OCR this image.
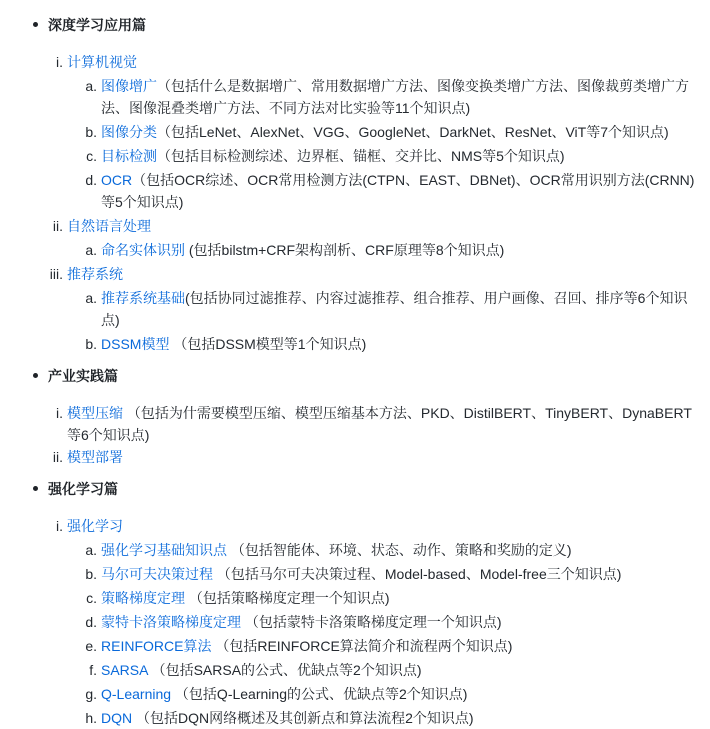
深度学习应用篇
i. 计算机视觉
a. 图像增广（包括什么是数据增广、常用数据增广方法、图像变换类增广方法、图像裁剪类增广方法、图像混叠类增广方法、不同方法对比实验等11个知识点)
b. 图像分类（包括LeNet、AlexNet、VGG、GoogleNet、DarkNet、ResNet、ViT等7个知识点)
c. 目标检测（包括目标检测综述、边界框、锚框、交并比、NMS等5个知识点)
d. OCR（包括OCR综述、OCR常用检测方法(CTPN、EAST、DBNet)、OCR常用识别方法(CRNN)等5个知识点)
ii. 自然语言处理
a. 命名实体识别 (包括bilstm+CRF架构剖析、CRF原理等8个知识点)
iii. 推荐系统
a. 推荐系统基础(包括协同过滤推荐、内容过滤推荐、组合推荐、用户画像、召回、排序等6个知识点)
b. DSSM模型 （包括DSSM模型等1个知识点)
产业实践篇
i. 模型压缩 （包括为什需要模型压缩、模型压缩基本方法、PKD、DistilBERT、TinyBERT、DynaBERT等6个知识点)
ii. 模型部署
强化学习篇
i. 强化学习
a. 强化学习基础知识点 （包括智能体、环境、状态、动作、策略和奖励的定义)
b. 马尔可夫决策过程 （包括马尔可夫决策过程、Model-based、Model-free三个知识点)
c. 策略梯度定理 （包括策略梯度定理一个知识点)
d. 蒙特卡洛策略梯度定理 （包括蒙特卡洛策略梯度定理一个知识点)
e. REINFORCE算法 （包括REINFORCE算法简介和流程两个知识点)
f. SARSA （包括SARSA的公式、优缺点等2个知识点)
g. Q-Learning （包括Q-Learning的公式、优缺点等2个知识点)
h. DQN （包括DQN网络概述及其创新点和算法流程2个知识点)
